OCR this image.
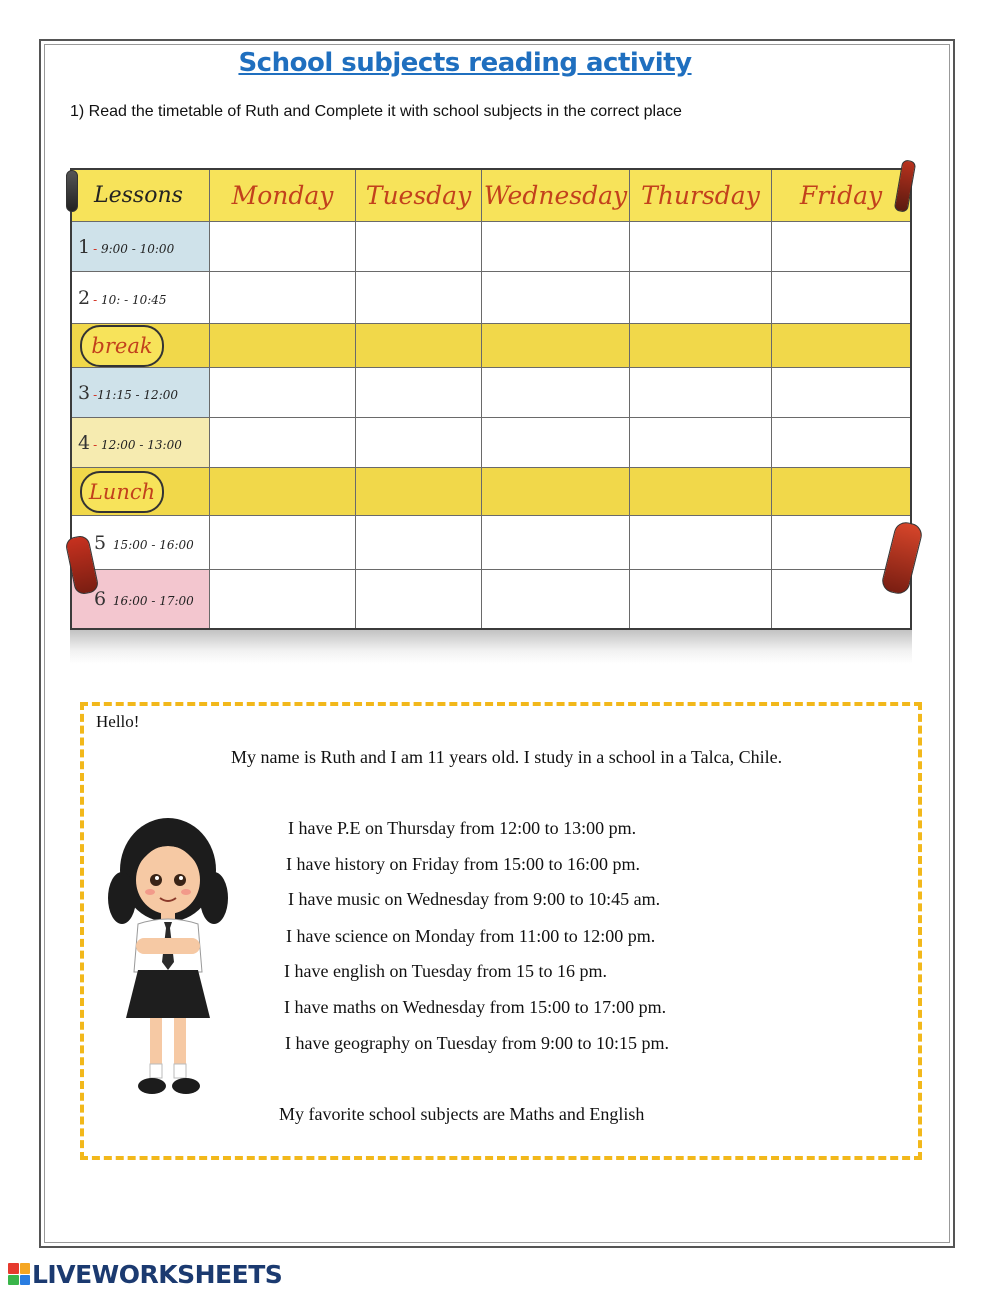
School subjects reading activity
1) Read the timetable of Ruth and Complete it with school subjects in the correct place
Lessons	Monday	Tuesday Wednesday Thursday	Friday
1 - 9:00 - 10:00
2 - 10: - 10:45
break
3 -11:15 - 12:00
4 - 12:00 - 13:00
Lunch
5 15:00 - 16:00
6 16:00 - 17:00
Hello!
My name is Ruth and I am 11 years old. I study in a school in a Talca, Chile.
I have P.E on Thursday from 12:00 to 13:00 pm.
I have history on Friday from 15:00 to 16:00 pm.
I have music on Wednesday from 9:00 to 10:45 am.
I have science on Monday from 11:00 to 12:00 pm.
I have english on Tuesday from 15 to 16 pm.
I have maths on Wednesday from 15:00 to 17:00 pm.
I have geography on Tuesday from 9:00 to 10:15 pm.
My favorite school subjects are Maths and English
LIVEWORKSHEETS
